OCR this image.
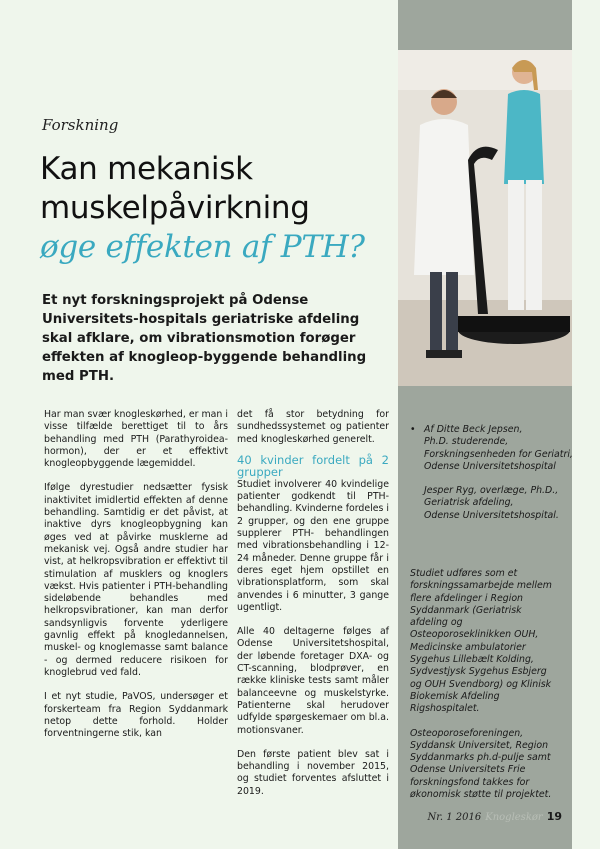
Forskning
Kan mekanisk
muskelpåvirkning
øge effekten af PTH?
Et nyt forskningsprojekt på Odense Universitets-hospitals geriatriske afdeling skal afklare, om vibrationsmotion forøger effekten af knogleop-byggende behandling med PTH.

Har man svær knogleskørhed, er man i visse tilfælde berettiget til to års behandling med PTH (Parathyroidea-hormon), der er et effektivt knogleopbyggende lægemiddel.

Ifølge dyrestudier nedsætter fysisk inaktivitet imidlertid effekten af denne behandling. Samtidig er det påvist, at inaktive dyrs knogleopbygning kan øges ved at påvirke musklerne ad mekanisk vej. Også andre studier har vist, at helkropsvibration er effektivt til stimulation af musklers og knoglers vækst. Hvis patienter i PTH-behandling sideløbende behandles med helkropsvibrationer, kan man derfor sandsynligvis forvente yderligere gavnlig effekt på knogledannelsen, muskel- og knoglemasse samt balance - og dermed reducere risikoen for knoglebrud ved fald.

I et nyt studie, PaVOS, undersøger et forskerteam fra Region Syddanmark netop dette forhold. Holder forventningerne stik, kan

det få stor betydning for sundhedssystemet og patienter med knogleskørhed generelt.

40 kvinder fordelt på 2 grupper

Studiet involverer 40 kvindelige patienter godkendt til PTH-behandling. Kvinderne fordeles i 2 grupper, og den ene gruppe supplerer PTH- behandlingen med vibrationsbehandling i 12-24 måneder. Denne gruppe får i deres eget hjem opstillet en vibrationsplatform, som skal anvendes i 6 minutter, 3 gange ugentligt.

Alle 40 deltagerne følges af Odense Universitetshospital, der løbende foretager DXA- og CT-scanning, blodprøver, en række kliniske tests samt måler balanceevne og muskelstyrke. Patienterne skal herudover udfylde spørgeskemaer om bl.a. motionsvaner.

Den første patient blev sat i behandling i november 2015, og studiet forventes afsluttet i 2019.

• Af Ditte Beck Jepsen,
Ph.D. studerende,
Forskningsenheden for Geriatri,
Odense Universitetshospital

Jesper Ryg, overlæge, Ph.D.,
Geriatrisk afdeling,
Odense Universitetshospital.

Studiet udføres som et forskningssamarbejde mellem flere afdelinger i Region Syddanmark (Geriatrisk afdeling og Osteoporoseklinikken OUH, Medicinske ambulatorier Sygehus Lillebælt Kolding, Sydvestjysk Sygehus Esbjerg og OUH Svendborg) og Klinisk Biokemisk Afdeling Rigshospitalet.

Osteoporoseforeningen, Syddansk Universitet, Region Syddanmarks ph.d-pulje samt Odense Universitets Frie forskningsfond takkes for økonomisk støtte til projektet.

Nr. 1 2016 Knogleskør 19
